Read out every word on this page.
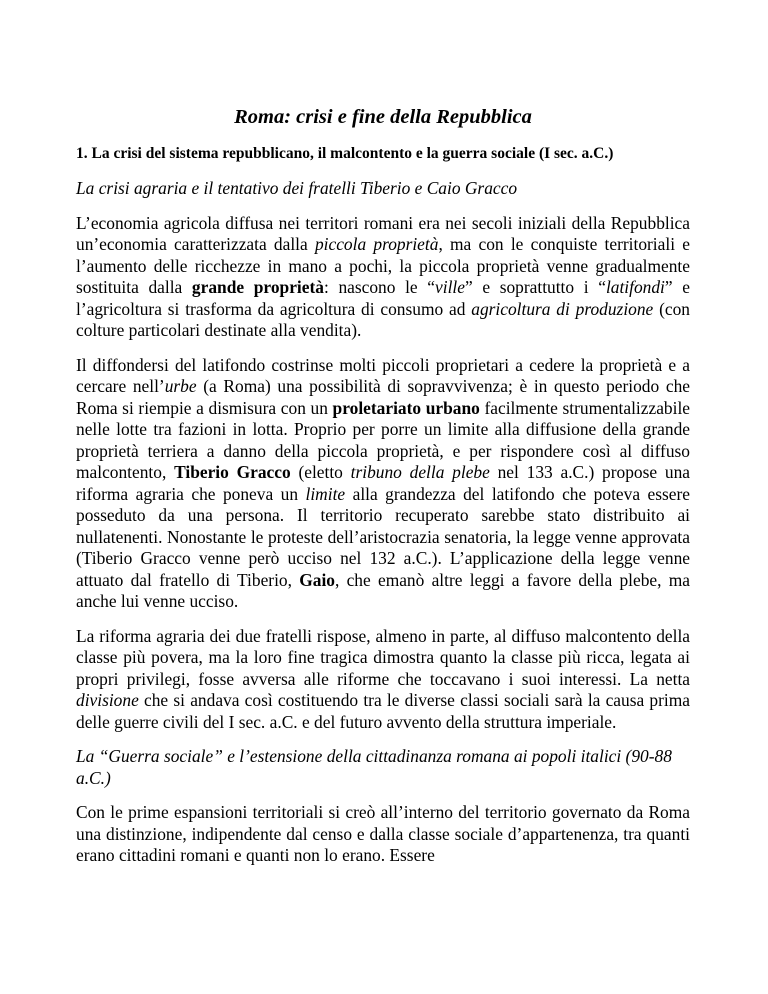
Roma: crisi e fine della Repubblica
1. La crisi del sistema repubblicano, il malcontento e la guerra sociale (I sec. a.C.)
La crisi agraria e il tentativo dei fratelli Tiberio e Caio Gracco

L’economia agricola diffusa nei territori romani era nei secoli iniziali della Repubblica un’economia caratterizzata dalla piccola proprietà, ma con le conquiste territoriali e l’aumento delle ricchezze in mano a pochi, la piccola proprietà venne gradualmente sostituita dalla grande proprietà: nascono le “ville” e soprattutto i “latifondi” e l’agricoltura si trasforma da agricoltura di consumo ad agricoltura di produzione (con colture particolari destinate alla vendita).

Il diffondersi del latifondo costrinse molti piccoli proprietari a cedere la proprietà e a cercare nell’urbe (a Roma) una possibilità di sopravvivenza; è in questo periodo che Roma si riempie a dismisura con un proletariato urbano facilmente strumentalizzabile nelle lotte tra fazioni in lotta. Proprio per porre un limite alla diffusione della grande proprietà terriera a danno della piccola proprietà, e per rispondere così al diffuso malcontento, Tiberio Gracco (eletto tribuno della plebe nel 133 a.C.) propose una riforma agraria che poneva un limite alla grandezza del latifondo che poteva essere posseduto da una persona. Il territorio recuperato sarebbe stato distribuito ai nullatenenti. Nonostante le proteste dell’aristocrazia senatoria, la legge venne approvata (Tiberio Gracco venne però ucciso nel 132 a.C.). L’applicazione della legge venne attuato dal fratello di Tiberio, Gaio, che emanò altre leggi a favore della plebe, ma anche lui venne ucciso.

La riforma agraria dei due fratelli rispose, almeno in parte, al diffuso malcontento della classe più povera, ma la loro fine tragica dimostra quanto la classe più ricca, legata ai propri privilegi, fosse avversa alle riforme che toccavano i suoi interessi. La netta divisione che si andava così costituendo tra le diverse classi sociali sarà la causa prima delle guerre civili del I sec. a.C. e del futuro avvento della struttura imperiale.

La “Guerra sociale” e l’estensione della cittadinanza romana ai popoli italici (90-88 a.C.)

Con le prime espansioni territoriali si creò all’interno del territorio governato da Roma una distinzione, indipendente dal censo e dalla classe sociale d’appartenenza, tra quanti erano cittadini romani e quanti non lo erano. Essere
